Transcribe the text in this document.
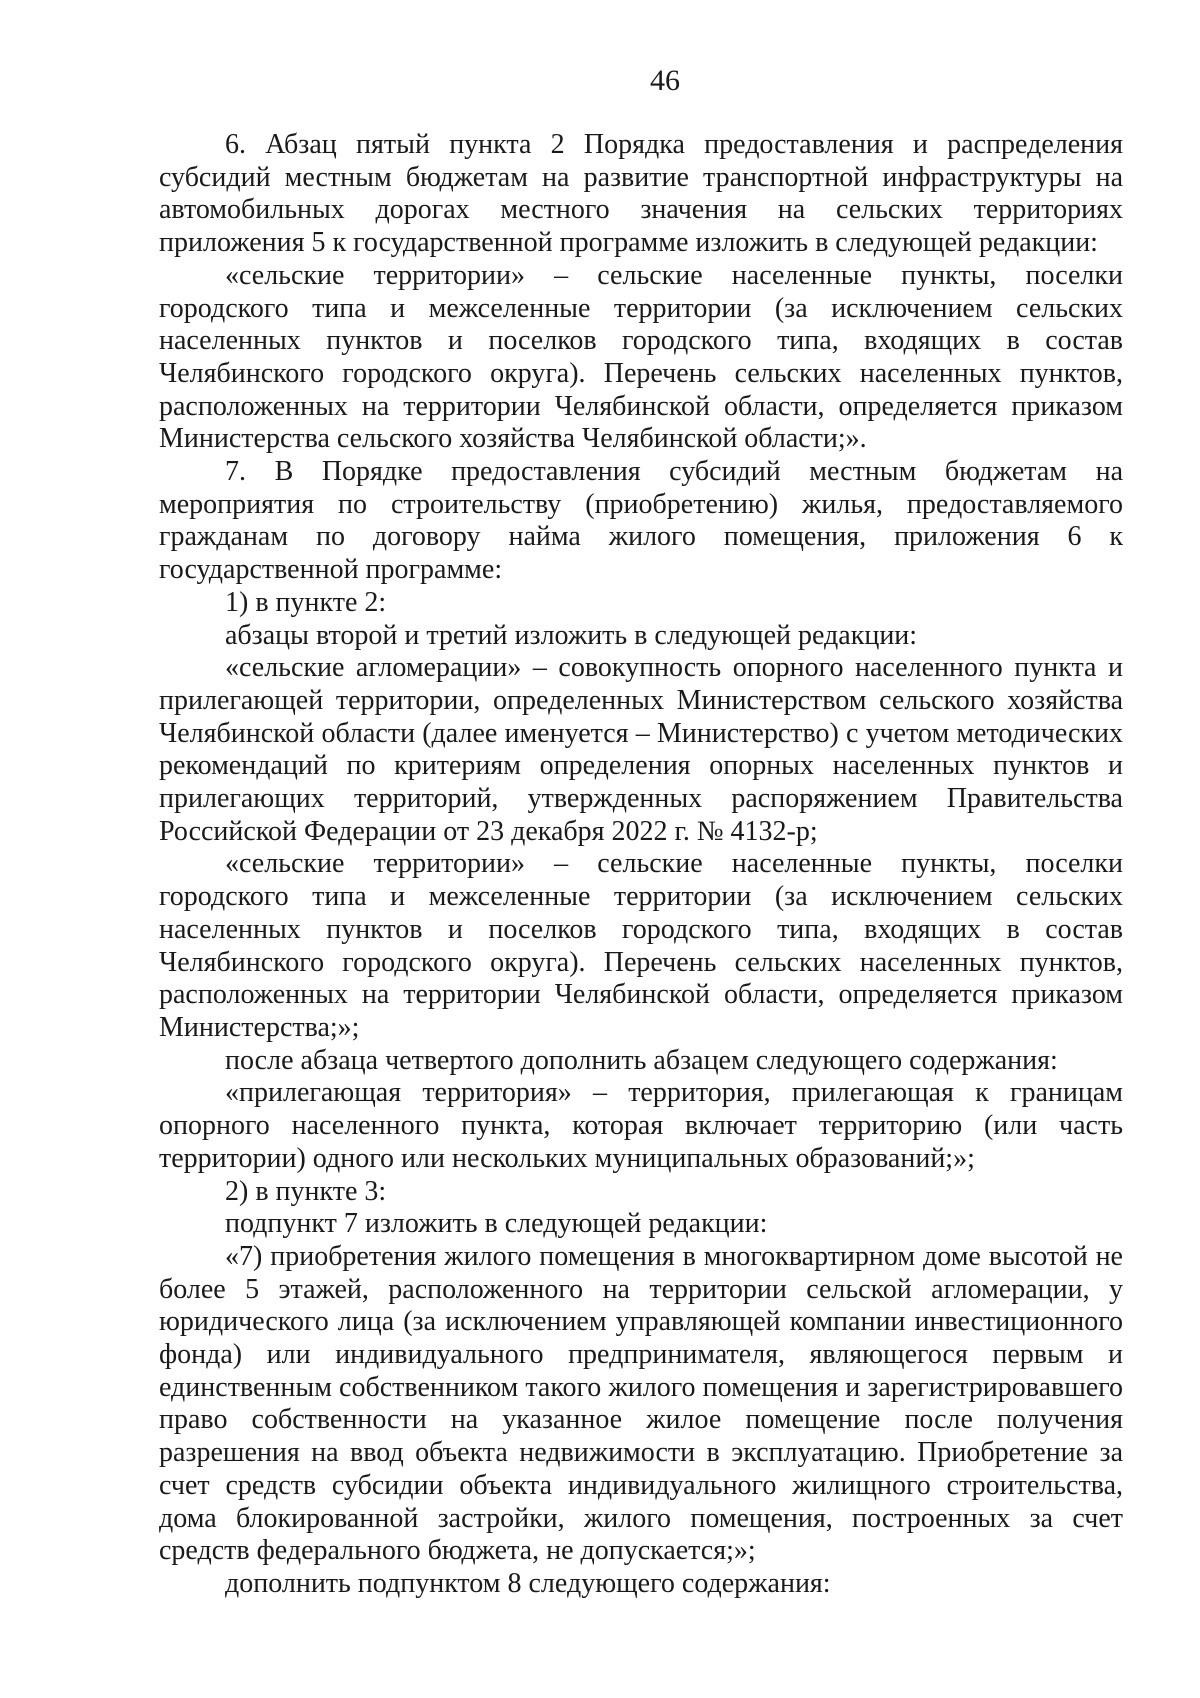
46

6. Абзац пятый пункта 2 Порядка предоставления и распределения субсидий местным бюджетам на развитие транспортной инфраструктуры на автомобильных дорогах местного значения на сельских территориях приложения 5 к государственной программе изложить в следующей редакции:

«сельские территории» – сельские населенные пункты, поселки городского типа и межселенные территории (за исключением сельских населенных пунктов и поселков городского типа, входящих в состав Челябинского городского округа). Перечень сельских населенных пунктов, расположенных на территории Челябинской области, определяется приказом Министерства сельского хозяйства Челябинской области;».

7. В Порядке предоставления субсидий местным бюджетам на мероприятия по строительству (приобретению) жилья, предоставляемого гражданам по договору найма жилого помещения, приложения 6 к государственной программе:

1) в пункте 2:

абзацы второй и третий изложить в следующей редакции:

«сельские агломерации» – совокупность опорного населенного пункта и прилегающей территории, определенных Министерством сельского хозяйства Челябинской области (далее именуется – Министерство) с учетом методических рекомендаций по критериям определения опорных населенных пунктов и прилегающих территорий, утвержденных распоряжением Правительства Российской Федерации от 23 декабря 2022 г. № 4132-р;

«сельские территории» – сельские населенные пункты, поселки городского типа и межселенные территории (за исключением сельских населенных пунктов и поселков городского типа, входящих в состав Челябинского городского округа). Перечень сельских населенных пунктов, расположенных на территории Челябинской области, определяется приказом Министерства;»;

после абзаца четвертого дополнить абзацем следующего содержания:

«прилегающая территория» – территория, прилегающая к границам опорного населенного пункта, которая включает территорию (или часть территории) одного или нескольких муниципальных образований;»;

2) в пункте 3:

подпункт 7 изложить в следующей редакции:

«7) приобретения жилого помещения в многоквартирном доме высотой не более 5 этажей, расположенного на территории сельской агломерации, у юридического лица (за исключением управляющей компании инвестиционного фонда) или индивидуального предпринимателя, являющегося первым и единственным собственником такого жилого помещения и зарегистрировавшего право собственности на указанное жилое помещение после получения разрешения на ввод объекта недвижимости в эксплуатацию. Приобретение за счет средств субсидии объекта индивидуального жилищного строительства, дома блокированной застройки, жилого помещения, построенных за счет средств федерального бюджета, не допускается;»;

дополнить подпунктом 8 следующего содержания:
